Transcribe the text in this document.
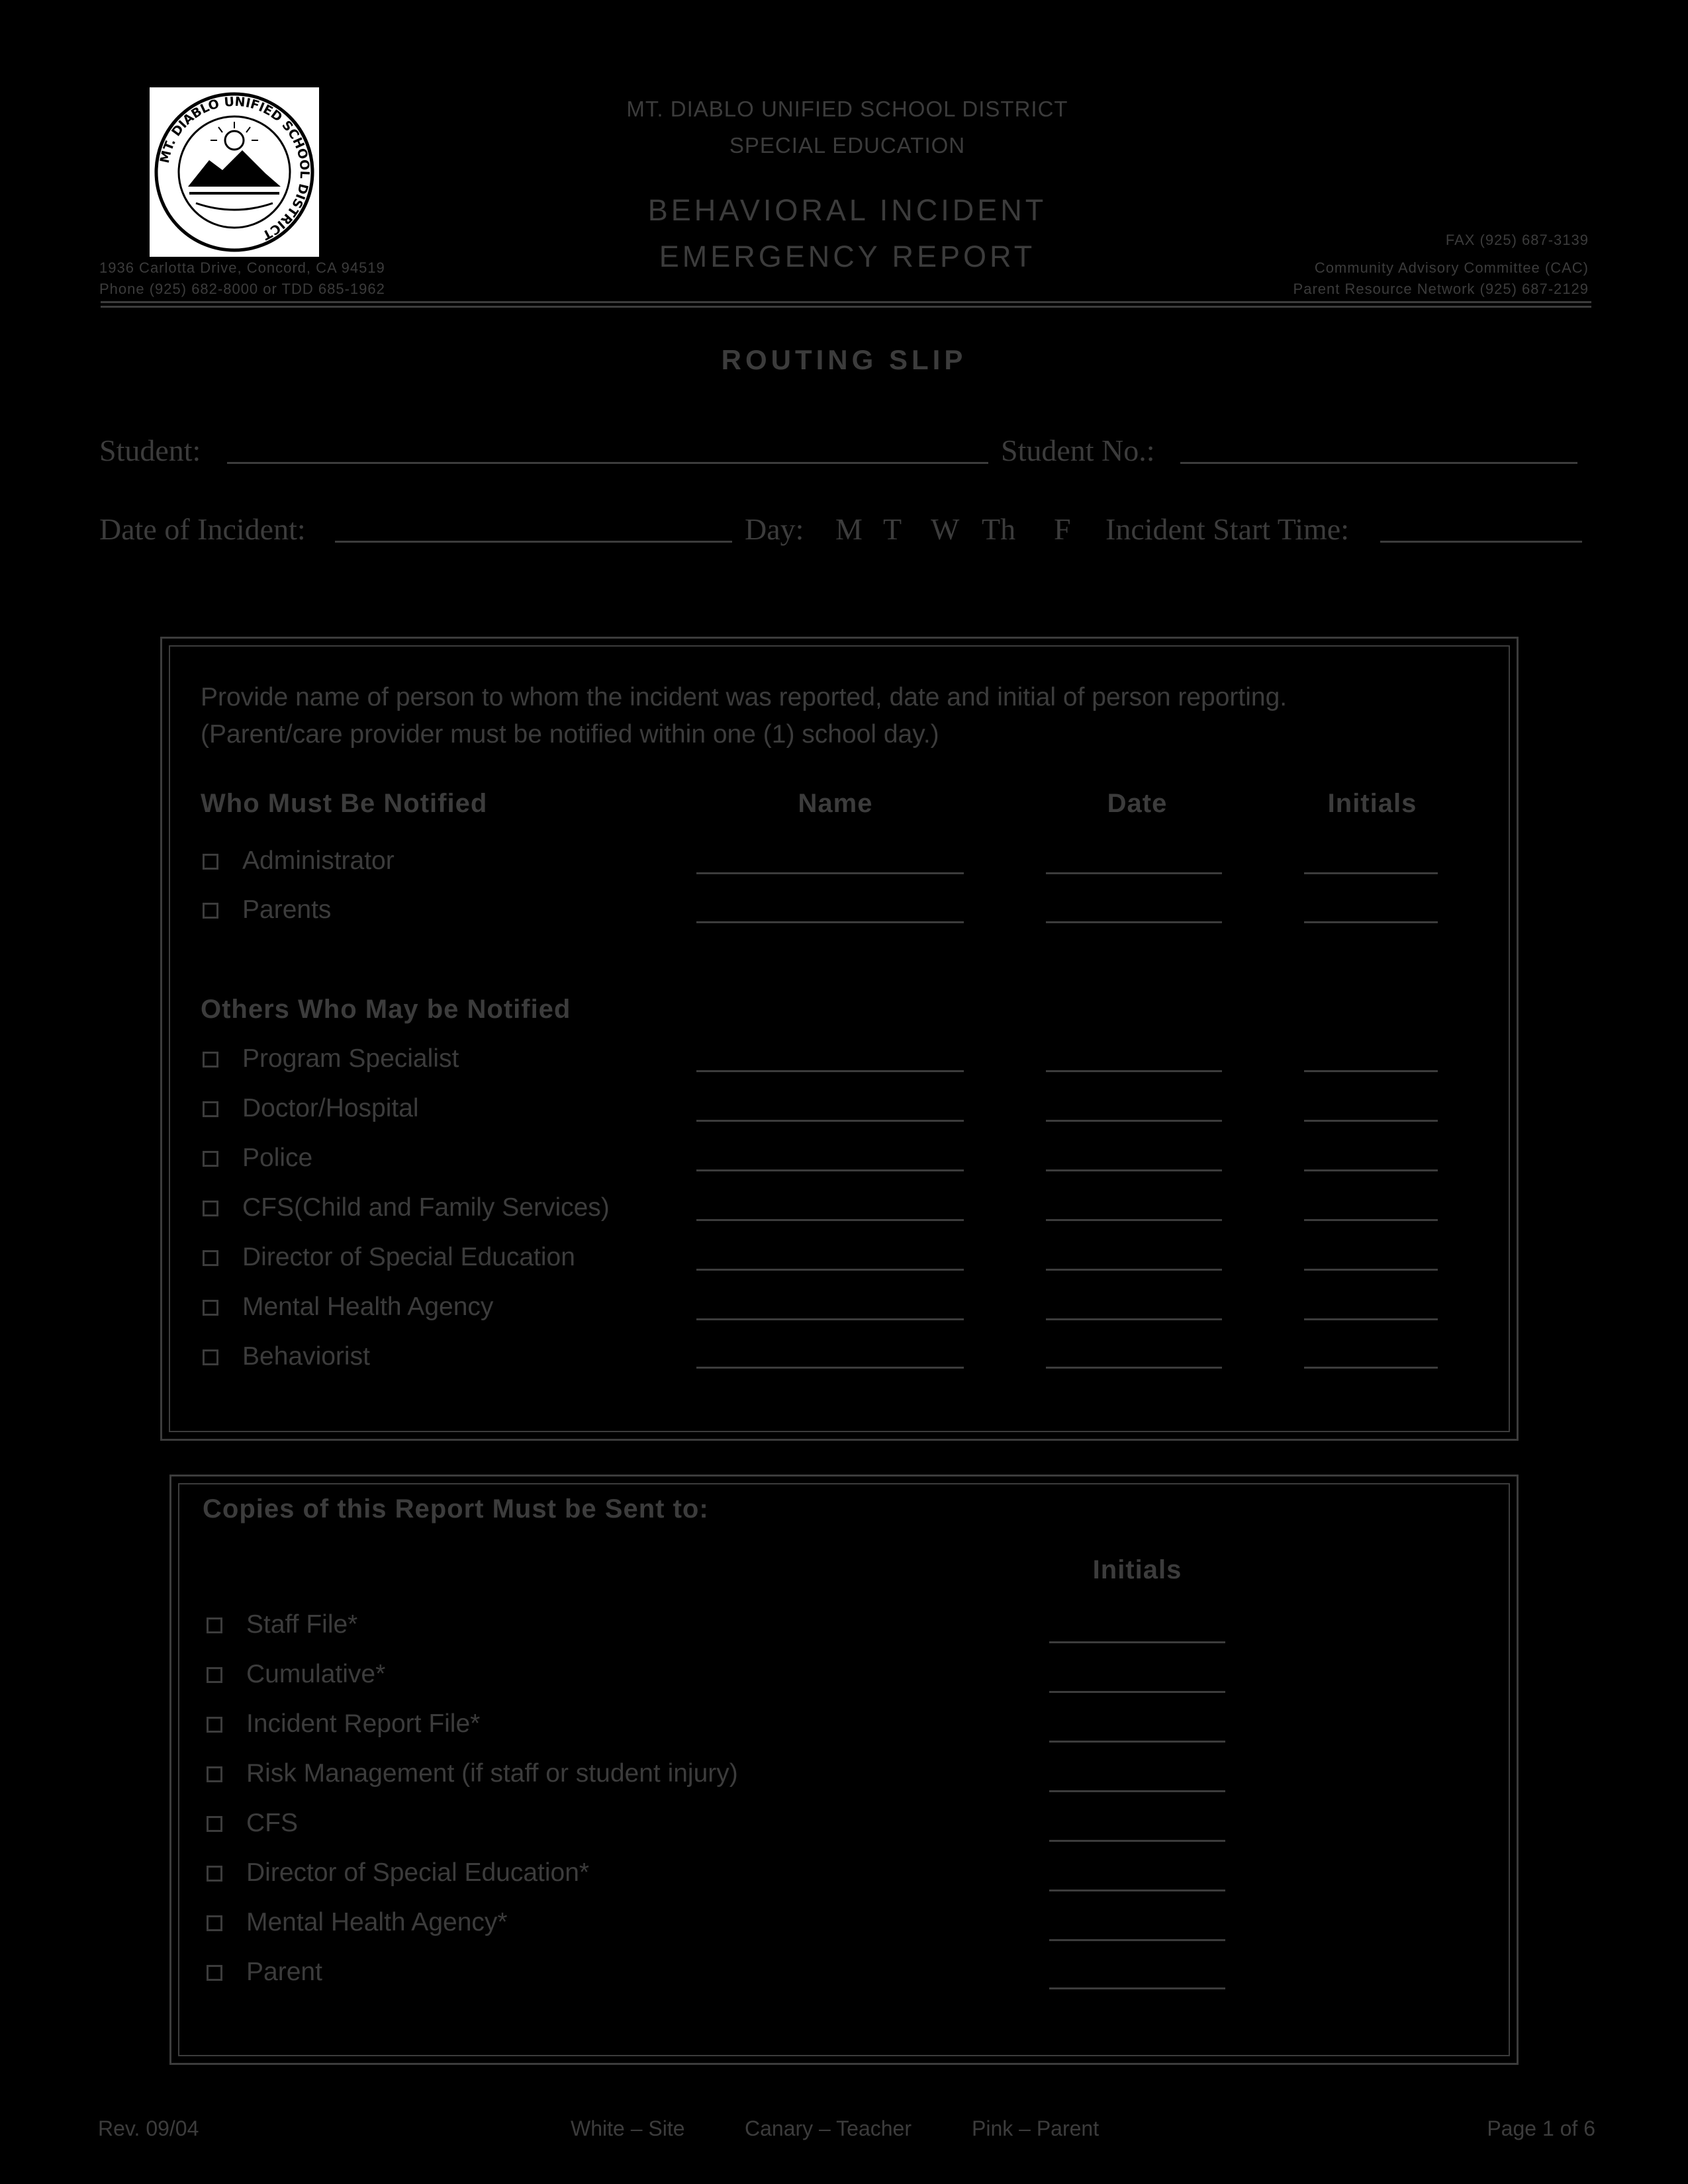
MT. DIABLO UNIFIED SCHOOL DISTRICT
MT. DIABLO UNIFIED SCHOOL DISTRICT
SPECIAL EDUCATION
BEHAVIORAL INCIDENT
EMERGENCY REPORT
1936 Carlotta Drive, Concord, CA 94519
Phone (925) 682-8000 or TDD 685-1962
FAX (925) 687-3139
Community Advisory Committee (CAC)
Parent Resource Network (925) 687-2129
ROUTING SLIP
Student:	Student No.:
Date of Incident:	Day: M T W Th F Incident Start Time:
Provide name of person to whom the incident was reported, date and initial of person reporting.
(Parent/care provider must be notified within one (1) school day.)
Who Must Be Notified	Name	Date	Initials
Administrator
Parents
Others Who May be Notified
Program Specialist
Doctor/Hospital
Police
CFS(Child and Family Services)
Director of Special Education
Mental Health Agency
Behaviorist
Copies of this Report Must be Sent to:
Initials
Staff File*
Cumulative*
Incident Report File*
Risk Management (if staff or student injury)
CFS
Director of Special Education*
Mental Health Agency*
Parent
Rev. 09/04	White – Site	Canary – Teacher	Pink – Parent	Page 1 of 6
